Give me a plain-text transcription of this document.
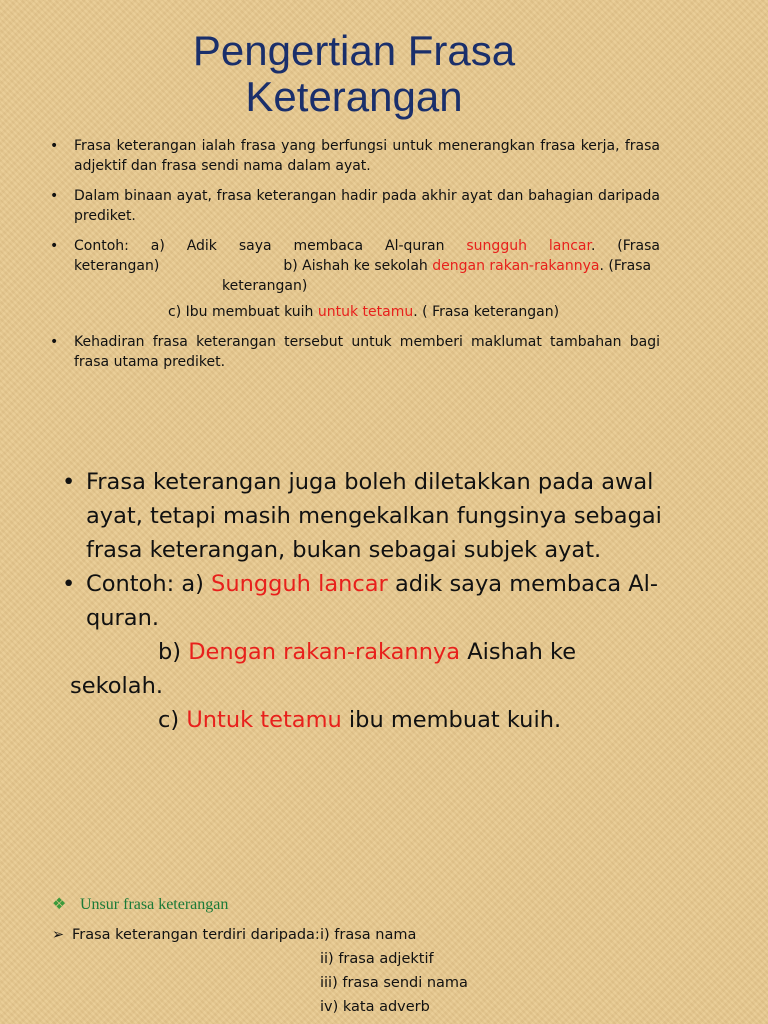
Pengertian Frasa
Keterangan
• Frasa keterangan ialah frasa yang berfungsi untuk menerangkan frasa kerja, frasa adjektif dan frasa sendi nama dalam ayat.
• Dalam binaan ayat, frasa keterangan hadir pada akhir ayat dan bahagian daripada prediket.
• Contoh: a) Adik saya membaca Al-quran sungguh lancar. (Frasa
keterangan)	b) Aishah ke sekolah dengan rakan-rakannya. (Frasa
keterangan)
c) Ibu membuat kuih untuk tetamu. ( Frasa keterangan)
• Kehadiran frasa keterangan tersebut untuk memberi maklumat tambahan bagi frasa utama prediket.
• Frasa keterangan juga boleh diletakkan pada awal ayat, tetapi masih mengekalkan fungsinya sebagai frasa keterangan, bukan sebagai subjek ayat.
• Contoh: a) Sungguh lancar adik saya membaca Al-
quran.
b) Dengan rakan-rakannya Aishah ke
sekolah.
c) Untuk tetamu ibu membuat kuih.
❖ Unsur frasa keterangan
➢ Frasa keterangan terdiri daripada: i) frasa nama
ii) frasa adjektif
iii) frasa sendi nama
iv) kata adverb
